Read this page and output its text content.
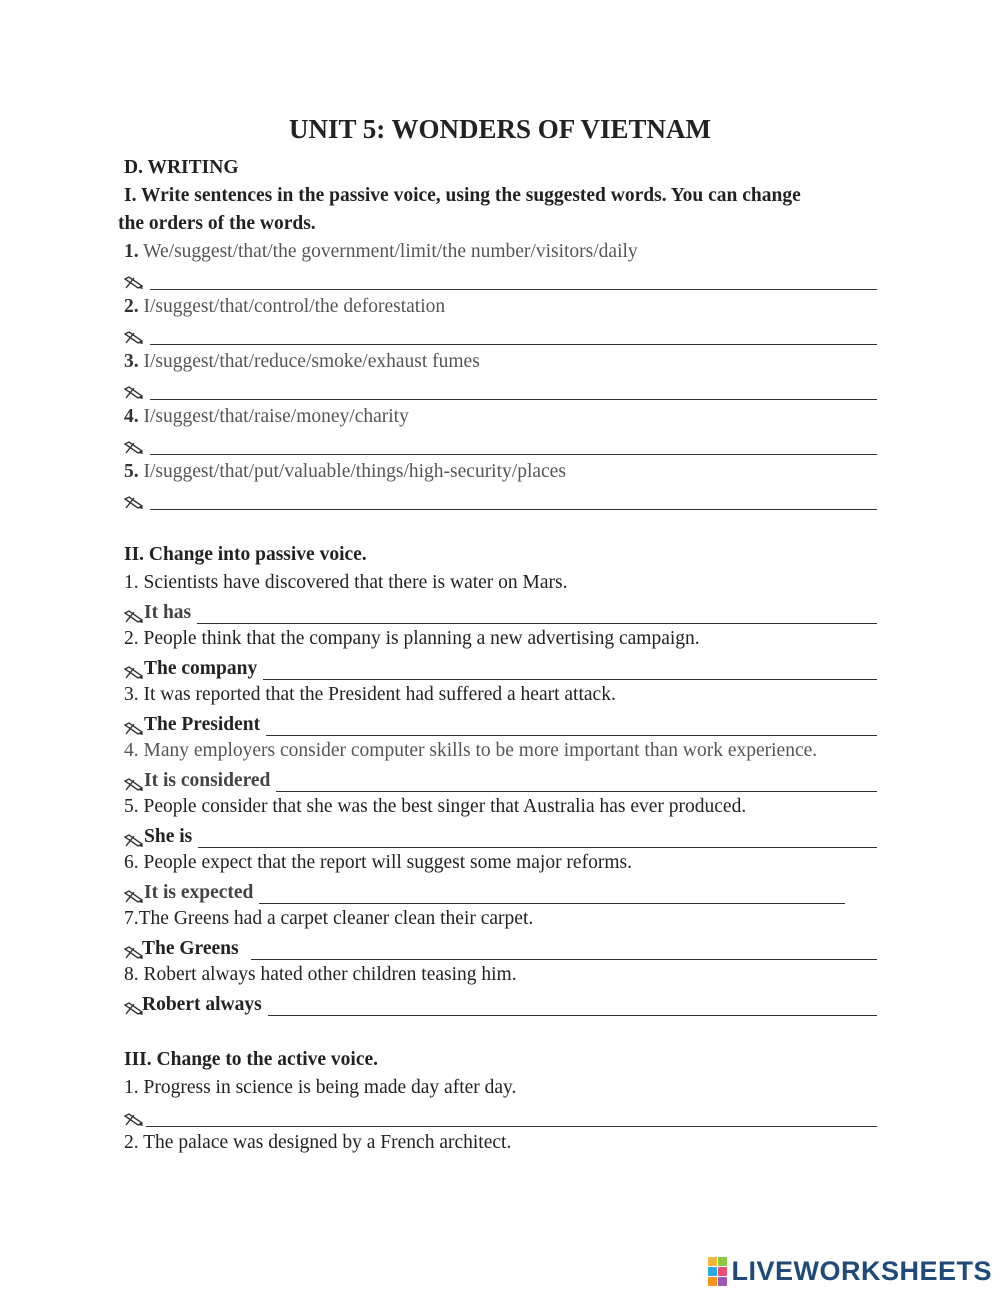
UNIT 5: WONDERS OF VIETNAM
D. WRITING
I. Write sentences in the passive voice, using the suggested words. You can change
the orders of the words.
1. We/suggest/that/the government/limit/the number/visitors/daily
2. I/suggest/that/control/the deforestation
3. I/suggest/that/reduce/smoke/exhaust fumes
4. I/suggest/that/raise/money/charity
5. I/suggest/that/put/valuable/things/high-security/places
II. Change into passive voice.
1. Scientists have discovered that there is water on Mars.
It has
2. People think that the company is planning a new advertising campaign.
The company
3. It was reported that the President had suffered a heart attack.
The President
4. Many employers consider computer skills to be more important than work experience.
It is considered
5. People consider that she was the best singer that Australia has ever produced.
She is
6. People expect that the report will suggest some major reforms.
It is expected
7.The Greens had a carpet cleaner clean their carpet.
The Greens
8. Robert always hated other children teasing him.
Robert always
III. Change to the active voice.
1. Progress in science is being made day after day.
2. The palace was designed by a French architect.
LIVEWORKSHEETS
